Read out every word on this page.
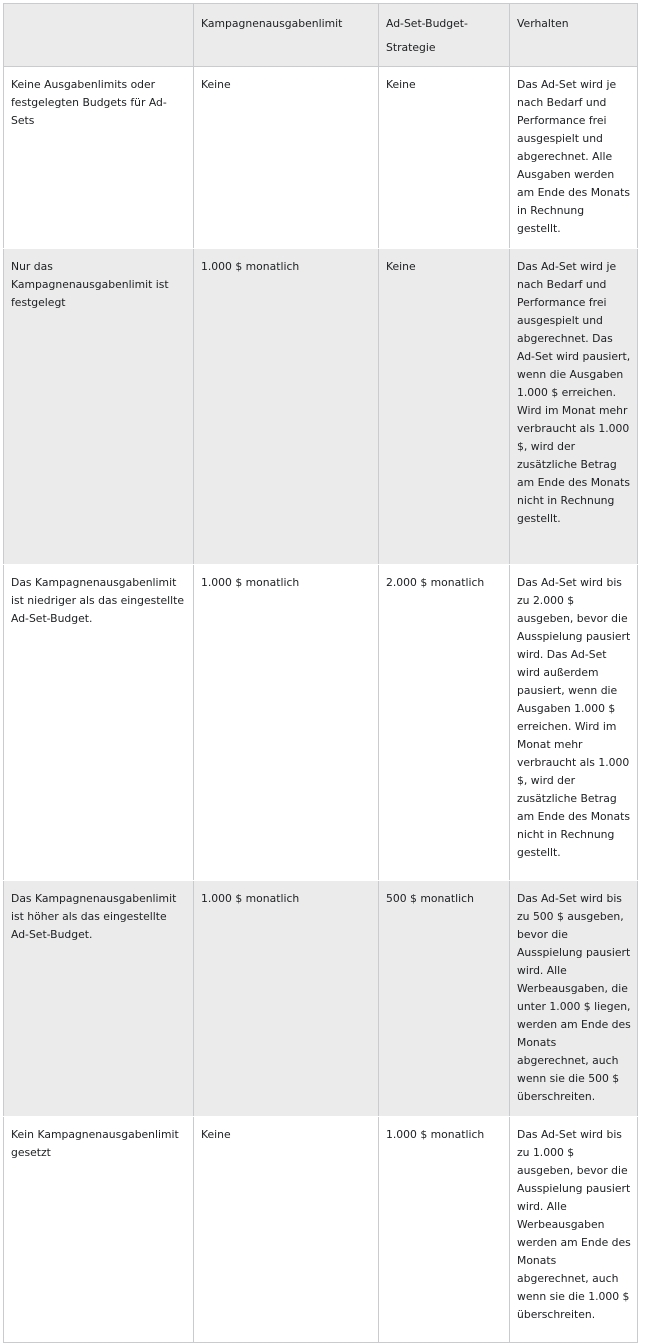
	Kampagnenausgabenlimit	Ad-Set-Budget-Strategie	Verhalten
Keine Ausgabenlimits oder festgelegten Budgets für Ad-Sets	Keine	Keine	Das Ad-Set wird je nach Bedarf und Performance frei ausgespielt und abgerechnet. Alle Ausgaben werden am Ende des Monats in Rechnung gestellt.
Nur das Kampagnenausgabenlimit ist festgelegt	1.000 $ monatlich	Keine	Das Ad-Set wird je nach Bedarf und Performance frei ausgespielt und abgerechnet. Das Ad-Set wird pausiert, wenn die Ausgaben 1.000 $ erreichen. Wird im Monat mehr verbraucht als 1.000 $, wird der zusätzliche Betrag am Ende des Monats nicht in Rechnung gestellt.
Das Kampagnenausgabenlimit ist niedriger als das eingestellte Ad-Set-Budget.	1.000 $ monatlich	2.000 $ monatlich	Das Ad-Set wird bis zu 2.000 $ ausgeben, bevor die Ausspielung pausiert wird. Das Ad-Set wird außerdem pausiert, wenn die Ausgaben 1.000 $ erreichen. Wird im Monat mehr verbraucht als 1.000 $, wird der zusätzliche Betrag am Ende des Monats nicht in Rechnung gestellt.
Das Kampagnenausgabenlimit ist höher als das eingestellte Ad-Set-Budget.	1.000 $ monatlich	500 $ monatlich	Das Ad-Set wird bis zu 500 $ ausgeben, bevor die Ausspielung pausiert wird. Alle Werbeausgaben, die unter 1.000 $ liegen, werden am Ende des Monats abgerechnet, auch wenn sie die 500 $ überschreiten.
Kein Kampagnenausgabenlimit gesetzt	Keine	1.000 $ monatlich	Das Ad-Set wird bis zu 1.000 $ ausgeben, bevor die Ausspielung pausiert wird. Alle Werbeausgaben werden am Ende des Monats abgerechnet, auch wenn sie die 1.000 $ überschreiten.
